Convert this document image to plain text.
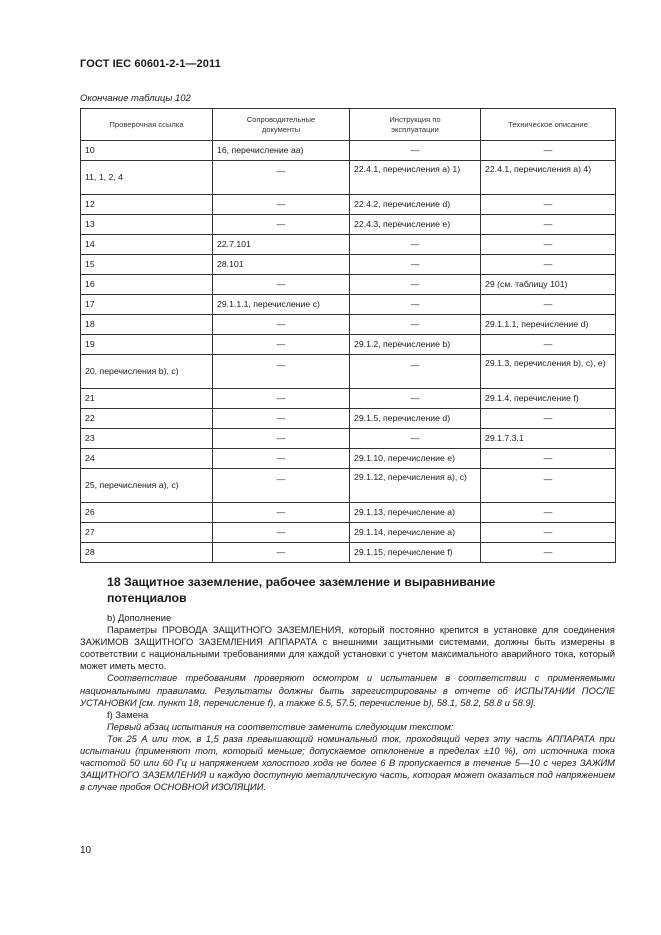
ГОСТ IEC 60601-2-1—2011
Окончание таблицы 102
Проверочная ссылка	Сопроводительные документы	Инструкция по эксплуатации	Техническое описание
10	16, перечисление aa)	—	—
11, 1, 2, 4	—	22.4.1, перечисления a) 1)	22.4.1, перечисления a) 4)
12	—	22.4.2, перечисление d)	—
13	—	22.4.3, перечисление e)	—
14	22.7.101	—	—
15	28.101	—	—
16	—	—	29 (см. таблицу 101)
17	29.1.1.1, перечисление c)	—	—
18	—	—	29.1.1.1, перечисление d)
19	—	29.1.2, перечисление b)	—
20, перечисления b), c)	—	—	29.1.3, перечисления b), c), e)
21	—	—	29.1.4, перечисление f)
22	—	29.1.5, перечисление d)	—
23	—	—	29.1.7.3.1
24	—	29.1.10, перечисление e)	—
25, перечисления a), c)	—	29.1.12, перечисления a), c)	—
26	—	29.1.13, перечисление a)	—
27	—	29.1.14, перечисление a)	—
28	—	29.1.15, перечисление f)	—
18 Защитное заземление, рабочее заземление и выравнивание потенциалов

b) Дополнение

Параметры ПРОВОДА ЗАЩИТНОГО ЗАЗЕМЛЕНИЯ, который постоянно крепится в установке для соединения ЗАЖИМОВ ЗАЩИТНОГО ЗАЗЕМЛЕНИЯ АППАРАТА с внешними защитными системами, должны быть измерены в соответствии с национальными требованиями для каждой установки с учетом максимального аварийного тока, который может иметь место.

Соответствие требованиям проверяют осмотром и испытанием в соответствии с применяемыми национальными правилами. Результаты должны быть зарегистрированы в отчете об ИСПЫТАНИИ ПОСЛЕ УСТАНОВКИ [см. пункт 18, перечисление f), а также 6.5, 57.5, перечисление b), 58.1, 58.2, 58.8 и 58.9].

f) Замена

Первый абзац испытания на соответствие заменить следующим текстом:

Ток 25 А или ток, в 1,5 раза превышающий номинальный ток, проходящий через эту часть АППАРАТА при испытании (применяют тот, который меньше; допускаемое отклонение в пределах ±10 %), от источника тока частотой 50 или 60 Гц и напряжением холостого хода не более 6 В пропускается в течение 5—10 с через ЗАЖИМ ЗАЩИТНОГО ЗАЗЕМЛЕНИЯ и каждую доступную металлическую часть, которая может оказаться под напряжением в случае пробоя ОСНОВНОЙ ИЗОЛЯЦИИ.

10
